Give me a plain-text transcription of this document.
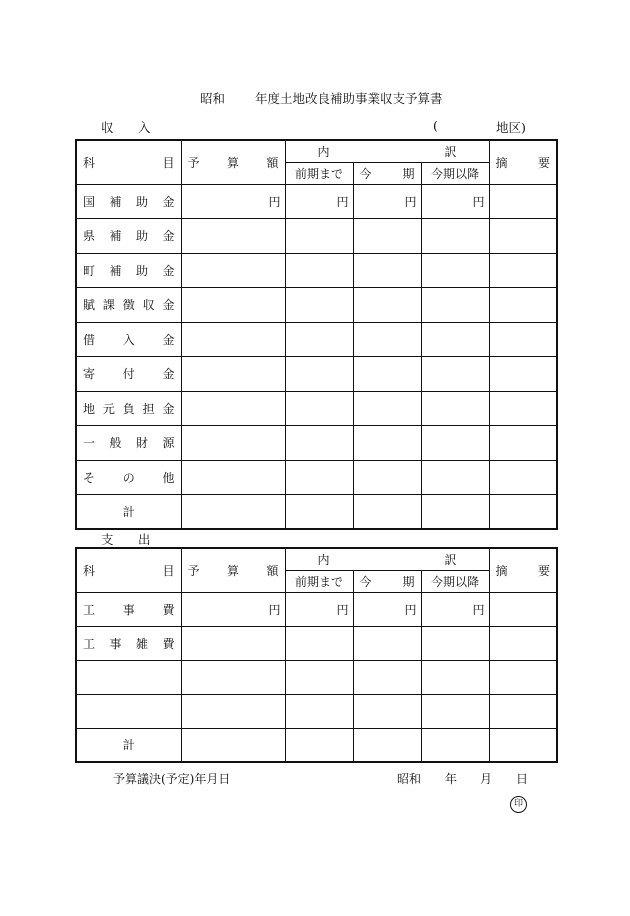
昭和 年度土地改良補助事業収支予算書
収 入	(	地区)
科 目	予 算 額	内 訳			摘 要

		前期まで	今 期	今期以降	

国 補 助 金	円	円	円	円	

県 補 助 金					

町 補 助 金					

賦 課 徴 収 金					

借 入 金					

寄 付 金					

地 元 負 担 金					

一 般 財 源					

そ の 他					

計					
支 出
科 目	予 算 額	内 訳			摘 要

		前期まで	今 期	今期以降	

工 事 費	円	円	円	円	

工 事 雑 費					

計					
予算議決(予定)年月日	昭和 年 月 日
印
